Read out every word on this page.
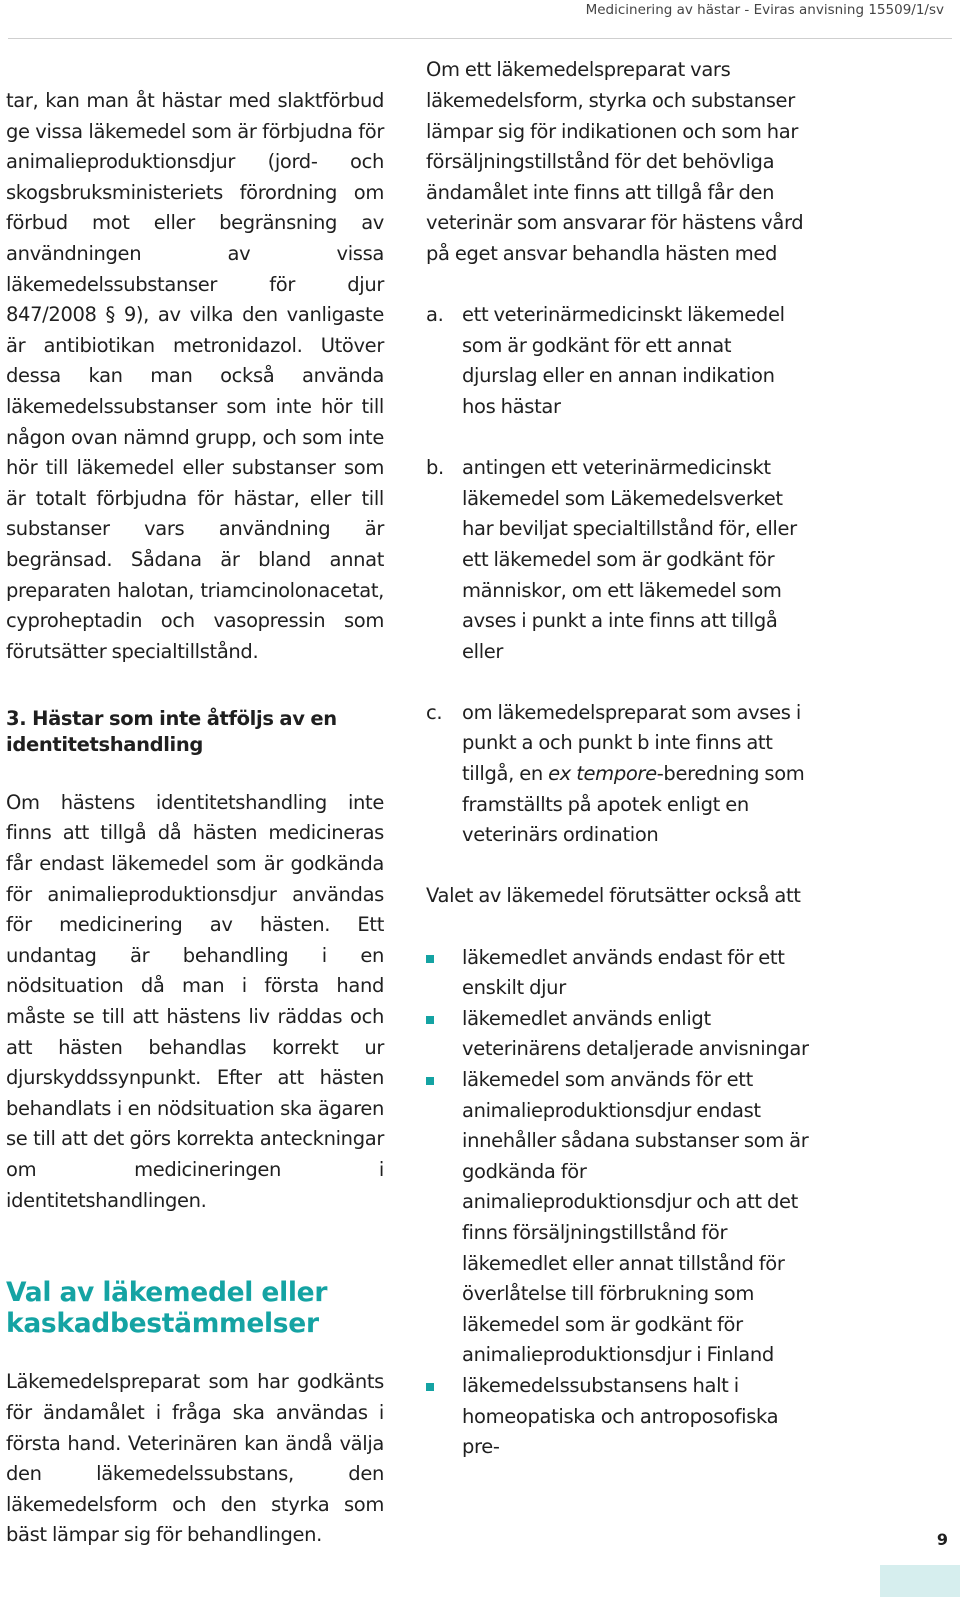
Medicinering av hästar - Eviras anvisning 15509/1/sv

tar, kan man åt hästar med slaktförbud ge vissa läkemedel som är förbjudna för animalieproduktionsdjur (jord- och skogsbruksministeriets förordning om förbud mot eller begränsning av användningen av vissa läkemedelssubstanser för djur 847/2008 § 9), av vilka den vanligaste är antibiotikan metronidazol. Utöver dessa kan man också använda läkemedelssubstanser som inte hör till någon ovan nämnd grupp, och som inte hör till läkemedel eller substanser som är totalt förbjudna för hästar, eller till substanser vars användning är begränsad. Sådana är bland annat preparaten halotan, triamcinolonacetat, cyproheptadin och vasopressin som förutsätter specialtillstånd.

3. Hästar som inte åtföljs av en identitetshandling

Om hästens identitetshandling inte finns att tillgå då hästen medicineras får endast läkemedel som är godkända för animalieproduktionsdjur användas för medicinering av hästen. Ett undantag är behandling i en nödsituation då man i första hand måste se till att hästens liv räddas och att hästen behandlas korrekt ur djurskyddssynpunkt. Efter att hästen behandlats i en nödsituation ska ägaren se till att det görs korrekta anteckningar om medicineringen i identitetshandlingen.

Val av läkemedel eller kaskadbestämmelser

Läkemedelspreparat som har godkänts för ändamålet i fråga ska användas i första hand. Veterinären kan ändå välja den läkemedelssubstans, den läkemedelsform och den styrka som bäst lämpar sig för behandlingen.

Om ett läkemedelspreparat vars läkemedelsform, styrka och substanser lämpar sig för indikationen och som har försäljningstillstånd för det behövliga ändamålet inte finns att tillgå får den veterinär som ansvarar för hästens vård på eget ansvar behandla hästen med

a. ett veterinärmedicinskt läkemedel som är godkänt för ett annat djurslag eller en annan indikation hos hästar
b. antingen ett veterinärmedicinskt läkemedel som Läkemedelsverket har beviljat specialtillstånd för, eller ett läkemedel som är godkänt för människor, om ett läkemedel som avses i punkt a inte finns att tillgå eller
c. om läkemedelspreparat som avses i punkt a och punkt b inte finns att tillgå, en ex tempore-beredning som framställts på apotek enligt en veterinärs ordination

Valet av läkemedel förutsätter också att

läkemedlet används endast för ett enskilt djur
läkemedlet används enligt veterinärens detaljerade anvisningar
läkemedel som används för ett animalieproduktionsdjur endast innehåller sådana substanser som är godkända för animalieproduktionsdjur och att det finns försäljningstillstånd för läkemedlet eller annat tillstånd för överlåtelse till förbrukning som läkemedel som är godkänt för animalieproduktionsdjur i Finland
läkemedelssubstansens halt i homeopatiska och antroposofiska pre-
9
